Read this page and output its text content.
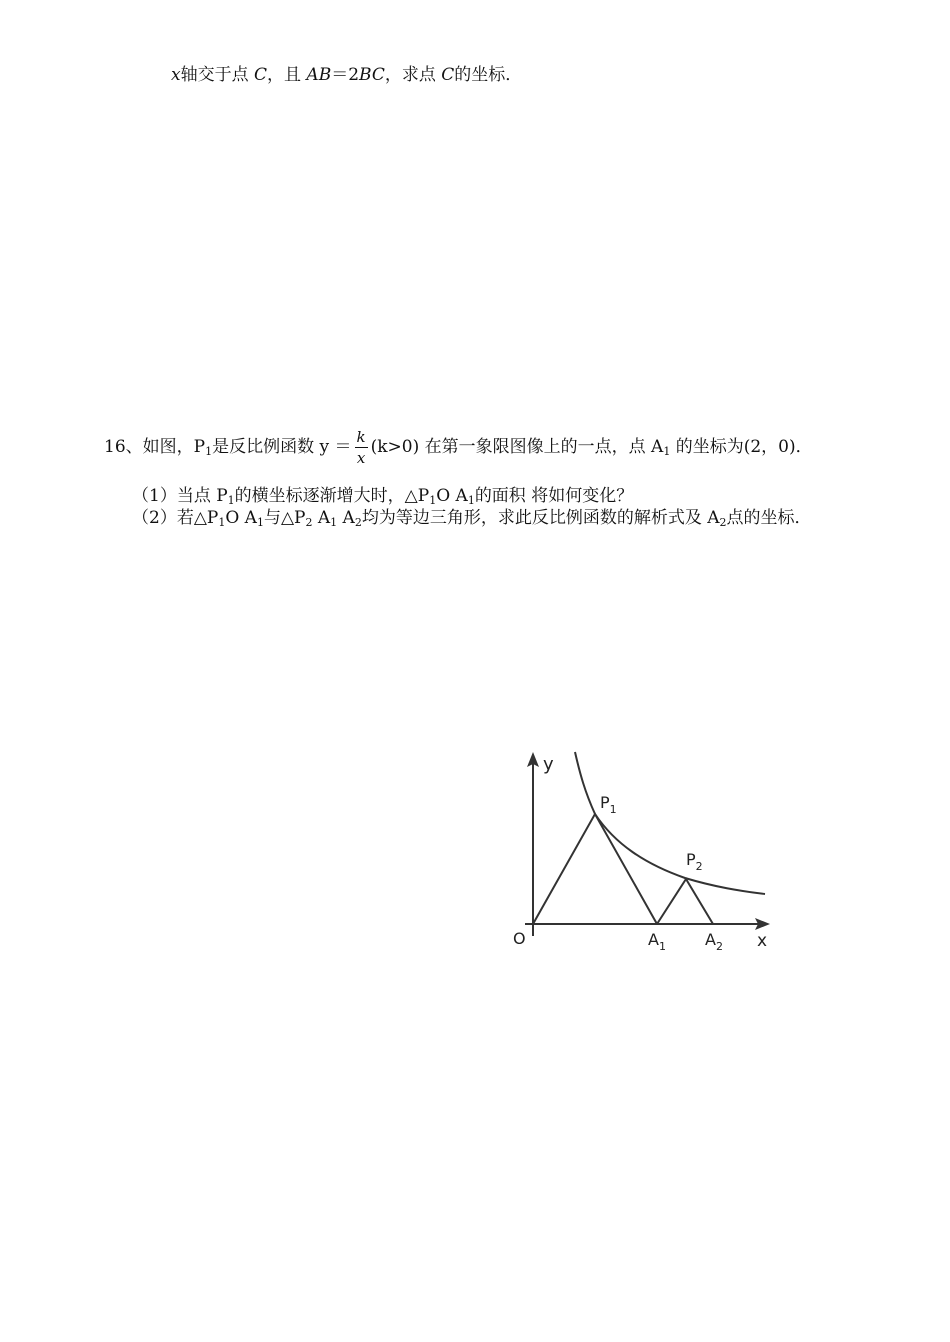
x轴交于点 C，且 AB＝2BC，求点 C的坐标．
16、如图，$P_1$是反比例函数 $y = \frac{k}{x} (k>0)$ 在第一象限图像上的一点，点 $A_1$ 的坐标为(2，0)．
（1）当点 $P_1$的横坐标逐渐增大时，$\triangle P_1O$ $A_1$的面积 将如何变化？
（2）若$\triangle P_1O$ $A_1$与$\triangle P_2$ $A_1$ $A_2$均为等边三角形，求此反比例函数的解析式及 $A_2$点的坐标．
y
x
O
$P_1$
$P_2$
$A_1$ $A_2$
